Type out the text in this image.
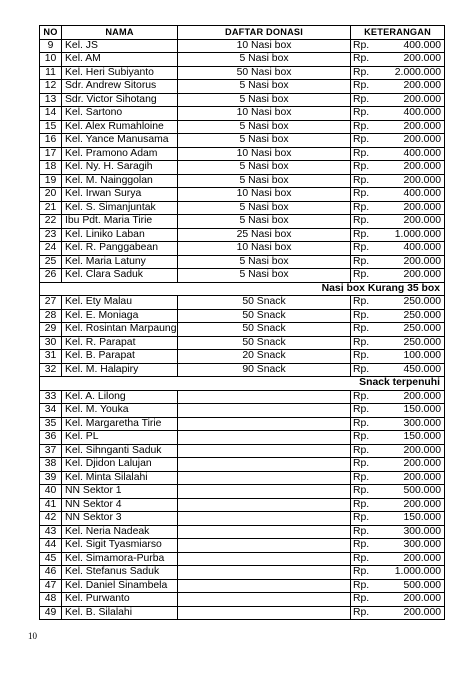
NO	NAMA	DAFTAR DONASI	KETERANGAN	
9	Kel. JS	10 Nasi box	Rp.	400.000
10	Kel. AM	5 Nasi box	Rp.	200.000
11	Kel. Heri Subiyanto	50 Nasi box	Rp.	2.000.000
12	Sdr. Andrew Sitorus	5 Nasi box	Rp.	200.000
13	Sdr. Victor Sihotang	5 Nasi box	Rp.	200.000
14	Kel. Sartono	10 Nasi box	Rp.	400.000
15	Kel. Alex Rumahloine	5 Nasi box	Rp.	200.000
16	Kel. Yance Manusama	5 Nasi box	Rp.	200.000
17	Kel. Pramono Adam	10 Nasi box	Rp.	400.000
18	Kel. Ny. H. Saragih	5 Nasi box	Rp.	200.000
19	Kel. M. Nainggolan	5 Nasi box	Rp.	200.000
20	Kel. Irwan Surya	10 Nasi box	Rp.	400.000
21	Kel. S. Simanjuntak	5 Nasi box	Rp.	200.000
22	Ibu Pdt. Maria Tirie	5 Nasi box	Rp.	200.000
23	Kel. Liniko Laban	25 Nasi box	Rp.	1.000.000
24	Kel. R. Panggabean	10 Nasi box	Rp.	400.000
25	Kel. Maria Latuny	5 Nasi box	Rp.	200.000
26	Kel. Clara Saduk	5 Nasi box	Rp.	200.000
Nasi box Kurang 35 box				
27	Kel. Ety Malau	50 Snack	Rp.	250.000
28	Kel. E. Moniaga	50 Snack	Rp.	250.000
29	Kel. Rosintan Marpaung	50 Snack	Rp.	250.000
30	Kel. R. Parapat	50 Snack	Rp.	250.000
31	Kel. B. Parapat	20 Snack	Rp.	100.000
32	Kel. M. Halapiry	90 Snack	Rp.	450.000
Snack terpenuhi				
33	Kel. A. Lilong		Rp.	200.000
34	Kel. M. Youka		Rp.	150.000
35	Kel. Margaretha Tirie		Rp.	300.000
36	Kel. PL		Rp.	150.000
37	Kel. Sihnganti Saduk		Rp.	200.000
38	Kel. Djidon Lalujan		Rp.	200.000
39	Kel. Minta Silalahi		Rp.	200.000
40	NN Sektor 1		Rp.	500.000
41	NN Sektor 4		Rp.	200.000
42	NN Sektor 3		Rp.	150.000
43	Kel. Neria Nadeak		Rp.	300.000
44	Kel. Sigit Tyasmiarso		Rp.	300.000
45	Kel. Simamora-Purba		Rp.	200.000
46	Kel. Stefanus Saduk		Rp.	1.000.000
47	Kel. Daniel Sinambela		Rp.	500.000
48	Kel. Purwanto		Rp.	200.000
49	Kel. B. Silalahi		Rp.	200.000
10
